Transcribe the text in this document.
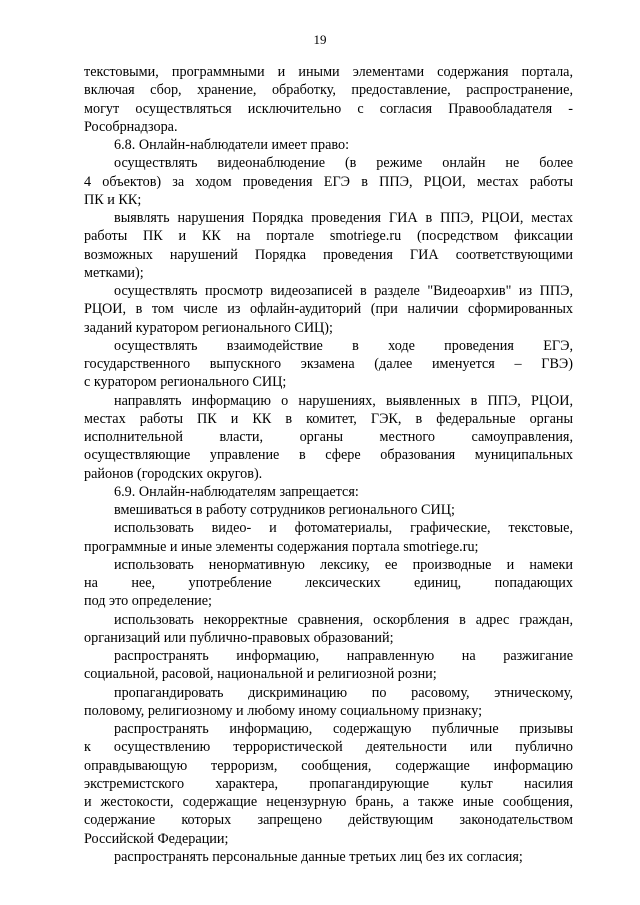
19
текстовыми, программными и иными элементами содержания портала,
включая сбор, хранение, обработку, предоставление, распространение,
могут осуществляться исключительно с согласия Правообладателя -
Рособрнадзора.
6.8. Онлайн-наблюдатели имеет право:
осуществлять видеонаблюдение (в режиме онлайн не более
4 объектов) за ходом проведения ЕГЭ в ППЭ, РЦОИ, местах работы
ПК и КК;
выявлять нарушения Порядка проведения ГИА в ППЭ, РЦОИ, местах
работы ПК и КК на портале smotriege.ru (посредством фиксации
возможных нарушений Порядка проведения ГИА соответствующими
метками);
осуществлять просмотр видеозаписей в разделе "Видеоархив" из ППЭ,
РЦОИ, в том числе из офлайн-аудиторий (при наличии сформированных
заданий куратором регионального СИЦ);
осуществлять взаимодействие в ходе проведения ЕГЭ,
государственного выпускного экзамена (далее именуется – ГВЭ)
с куратором регионального СИЦ;
направлять информацию о нарушениях, выявленных в ППЭ, РЦОИ,
местах работы ПК и КК в комитет, ГЭК, в федеральные органы
исполнительной власти, органы местного самоуправления,
осуществляющие управление в сфере образования муниципальных
районов (городских округов).
6.9. Онлайн-наблюдателям запрещается:
вмешиваться в работу сотрудников регионального СИЦ;
использовать видео- и фотоматериалы, графические, текстовые,
программные и иные элементы содержания портала smotriege.ru;
использовать ненормативную лексику, ее производные и намеки
на нее, употребление лексических единиц, попадающих
под это определение;
использовать некорректные сравнения, оскорбления в адрес граждан,
организаций или публично-правовых образований;
распространять информацию, направленную на разжигание
социальной, расовой, национальной и религиозной розни;
пропагандировать дискриминацию по расовому, этническому,
половому, религиозному и любому иному социальному признаку;
распространять информацию, содержащую публичные призывы
к осуществлению террористической деятельности или публично
оправдывающую терроризм, сообщения, содержащие информацию
экстремистского характера, пропагандирующие культ насилия
и жестокости, содержащие нецензурную брань, а также иные сообщения,
содержание которых запрещено действующим законодательством
Российской Федерации;
распространять персональные данные третьих лиц без их согласия;
